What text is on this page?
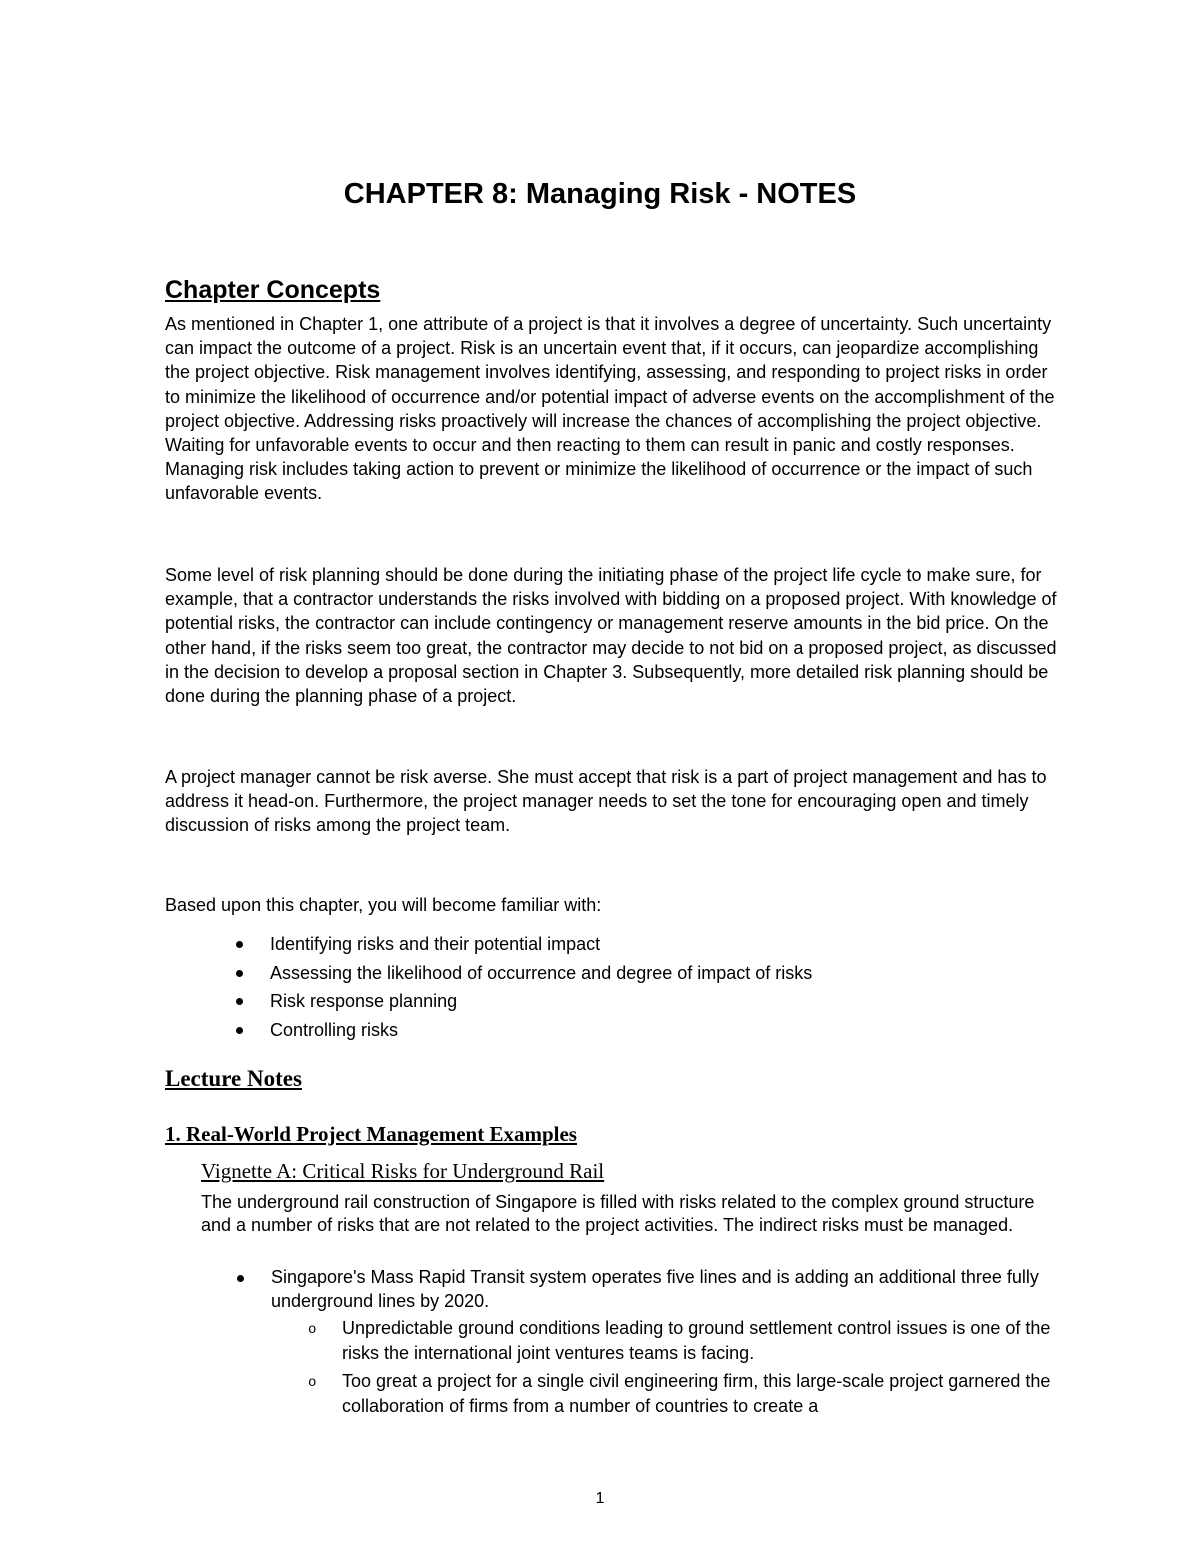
CHAPTER 8: Managing Risk - NOTES
Chapter Concepts

As mentioned in Chapter 1, one attribute of a project is that it involves a degree of uncertainty. Such uncertainty can impact the outcome of a project. Risk is an uncertain event that, if it occurs, can jeopardize accomplishing the project objective. Risk management involves identifying, assessing, and responding to project risks in order to minimize the likelihood of occurrence and/or potential impact of adverse events on the accomplishment of the project objective. Addressing risks proactively will increase the chances of accomplishing the project objective. Waiting for unfavorable events to occur and then reacting to them can result in panic and costly responses. Managing risk includes taking action to prevent or minimize the likelihood of occurrence or the impact of such unfavorable events.

Some level of risk planning should be done during the initiating phase of the project life cycle to make sure, for example, that a contractor understands the risks involved with bidding on a proposed project. With knowledge of potential risks, the contractor can include contingency or management reserve amounts in the bid price. On the other hand, if the risks seem too great, the contractor may decide to not bid on a proposed project, as discussed in the decision to develop a proposal section in Chapter 3. Subsequently, more detailed risk planning should be done during the planning phase of a project.

A project manager cannot be risk averse. She must accept that risk is a part of project management and has to address it head-on. Furthermore, the project manager needs to set the tone for encouraging open and timely discussion of risks among the project team.

Based upon this chapter, you will become familiar with:

Identifying risks and their potential impact
Assessing the likelihood of occurrence and degree of impact of risks
Risk response planning
Controlling risks
Lecture Notes
1. Real-World Project Management Examples
Vignette A: Critical Risks for Underground Rail

The underground rail construction of Singapore is filled with risks related to the complex ground structure and a number of risks that are not related to the project activities. The indirect risks must be managed.

Singapore's Mass Rapid Transit system operates five lines and is adding an additional three fully underground lines by 2020.
o Unpredictable ground conditions leading to ground settlement control issues is one of the risks the international joint ventures teams is facing.
o Too great a project for a single civil engineering firm, this large-scale project garnered the collaboration of firms from a number of countries to create a
1
